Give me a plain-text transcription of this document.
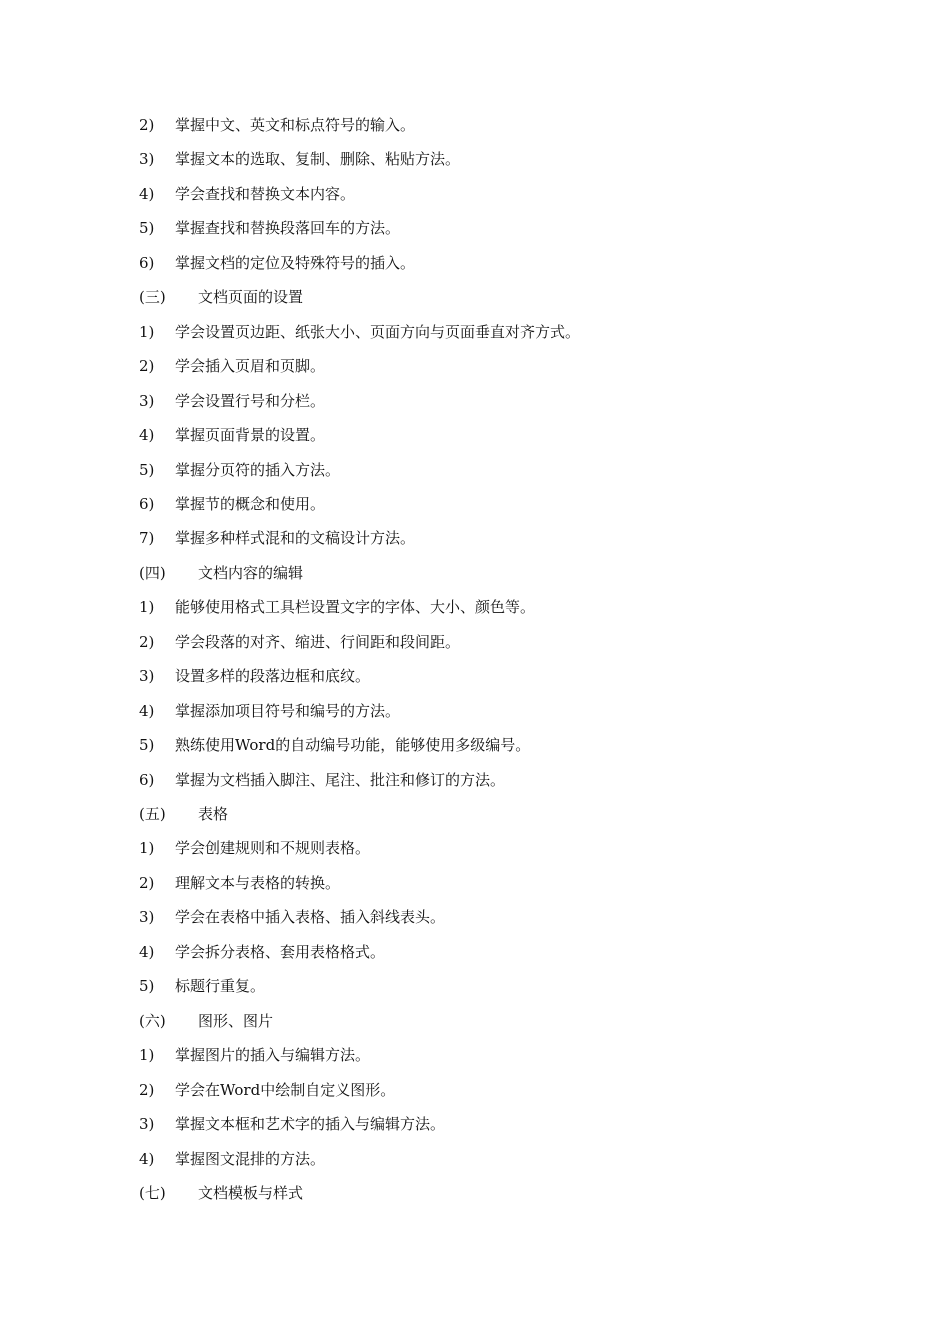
2) 掌握中文、英文和标点符号的输入。
3) 掌握文本的选取、复制、删除、粘贴方法。
4) 学会查找和替换文本内容。
5) 掌握查找和替换段落回车的方法。
6) 掌握文档的定位及特殊符号的插入。
(三) 文档页面的设置
1) 学会设置页边距、纸张大小、页面方向与页面垂直对齐方式。
2) 学会插入页眉和页脚。
3) 学会设置行号和分栏。
4) 掌握页面背景的设置。
5) 掌握分页符的插入方法。
6) 掌握节的概念和使用。
7) 掌握多种样式混和的文稿设计方法。
(四) 文档内容的编辑
1) 能够使用格式工具栏设置文字的字体、大小、颜色等。
2) 学会段落的对齐、缩进、行间距和段间距。
3) 设置多样的段落边框和底纹。
4) 掌握添加项目符号和编号的方法。
5) 熟练使用Word的自动编号功能，能够使用多级编号。
6) 掌握为文档插入脚注、尾注、批注和修订的方法。
(五) 表格
1) 学会创建规则和不规则表格。
2) 理解文本与表格的转换。
3) 学会在表格中插入表格、插入斜线表头。
4) 学会拆分表格、套用表格格式。
5) 标题行重复。
(六) 图形、图片
1) 掌握图片的插入与编辑方法。
2) 学会在Word中绘制自定义图形。
3) 掌握文本框和艺术字的插入与编辑方法。
4) 掌握图文混排的方法。
(七) 文档模板与样式
